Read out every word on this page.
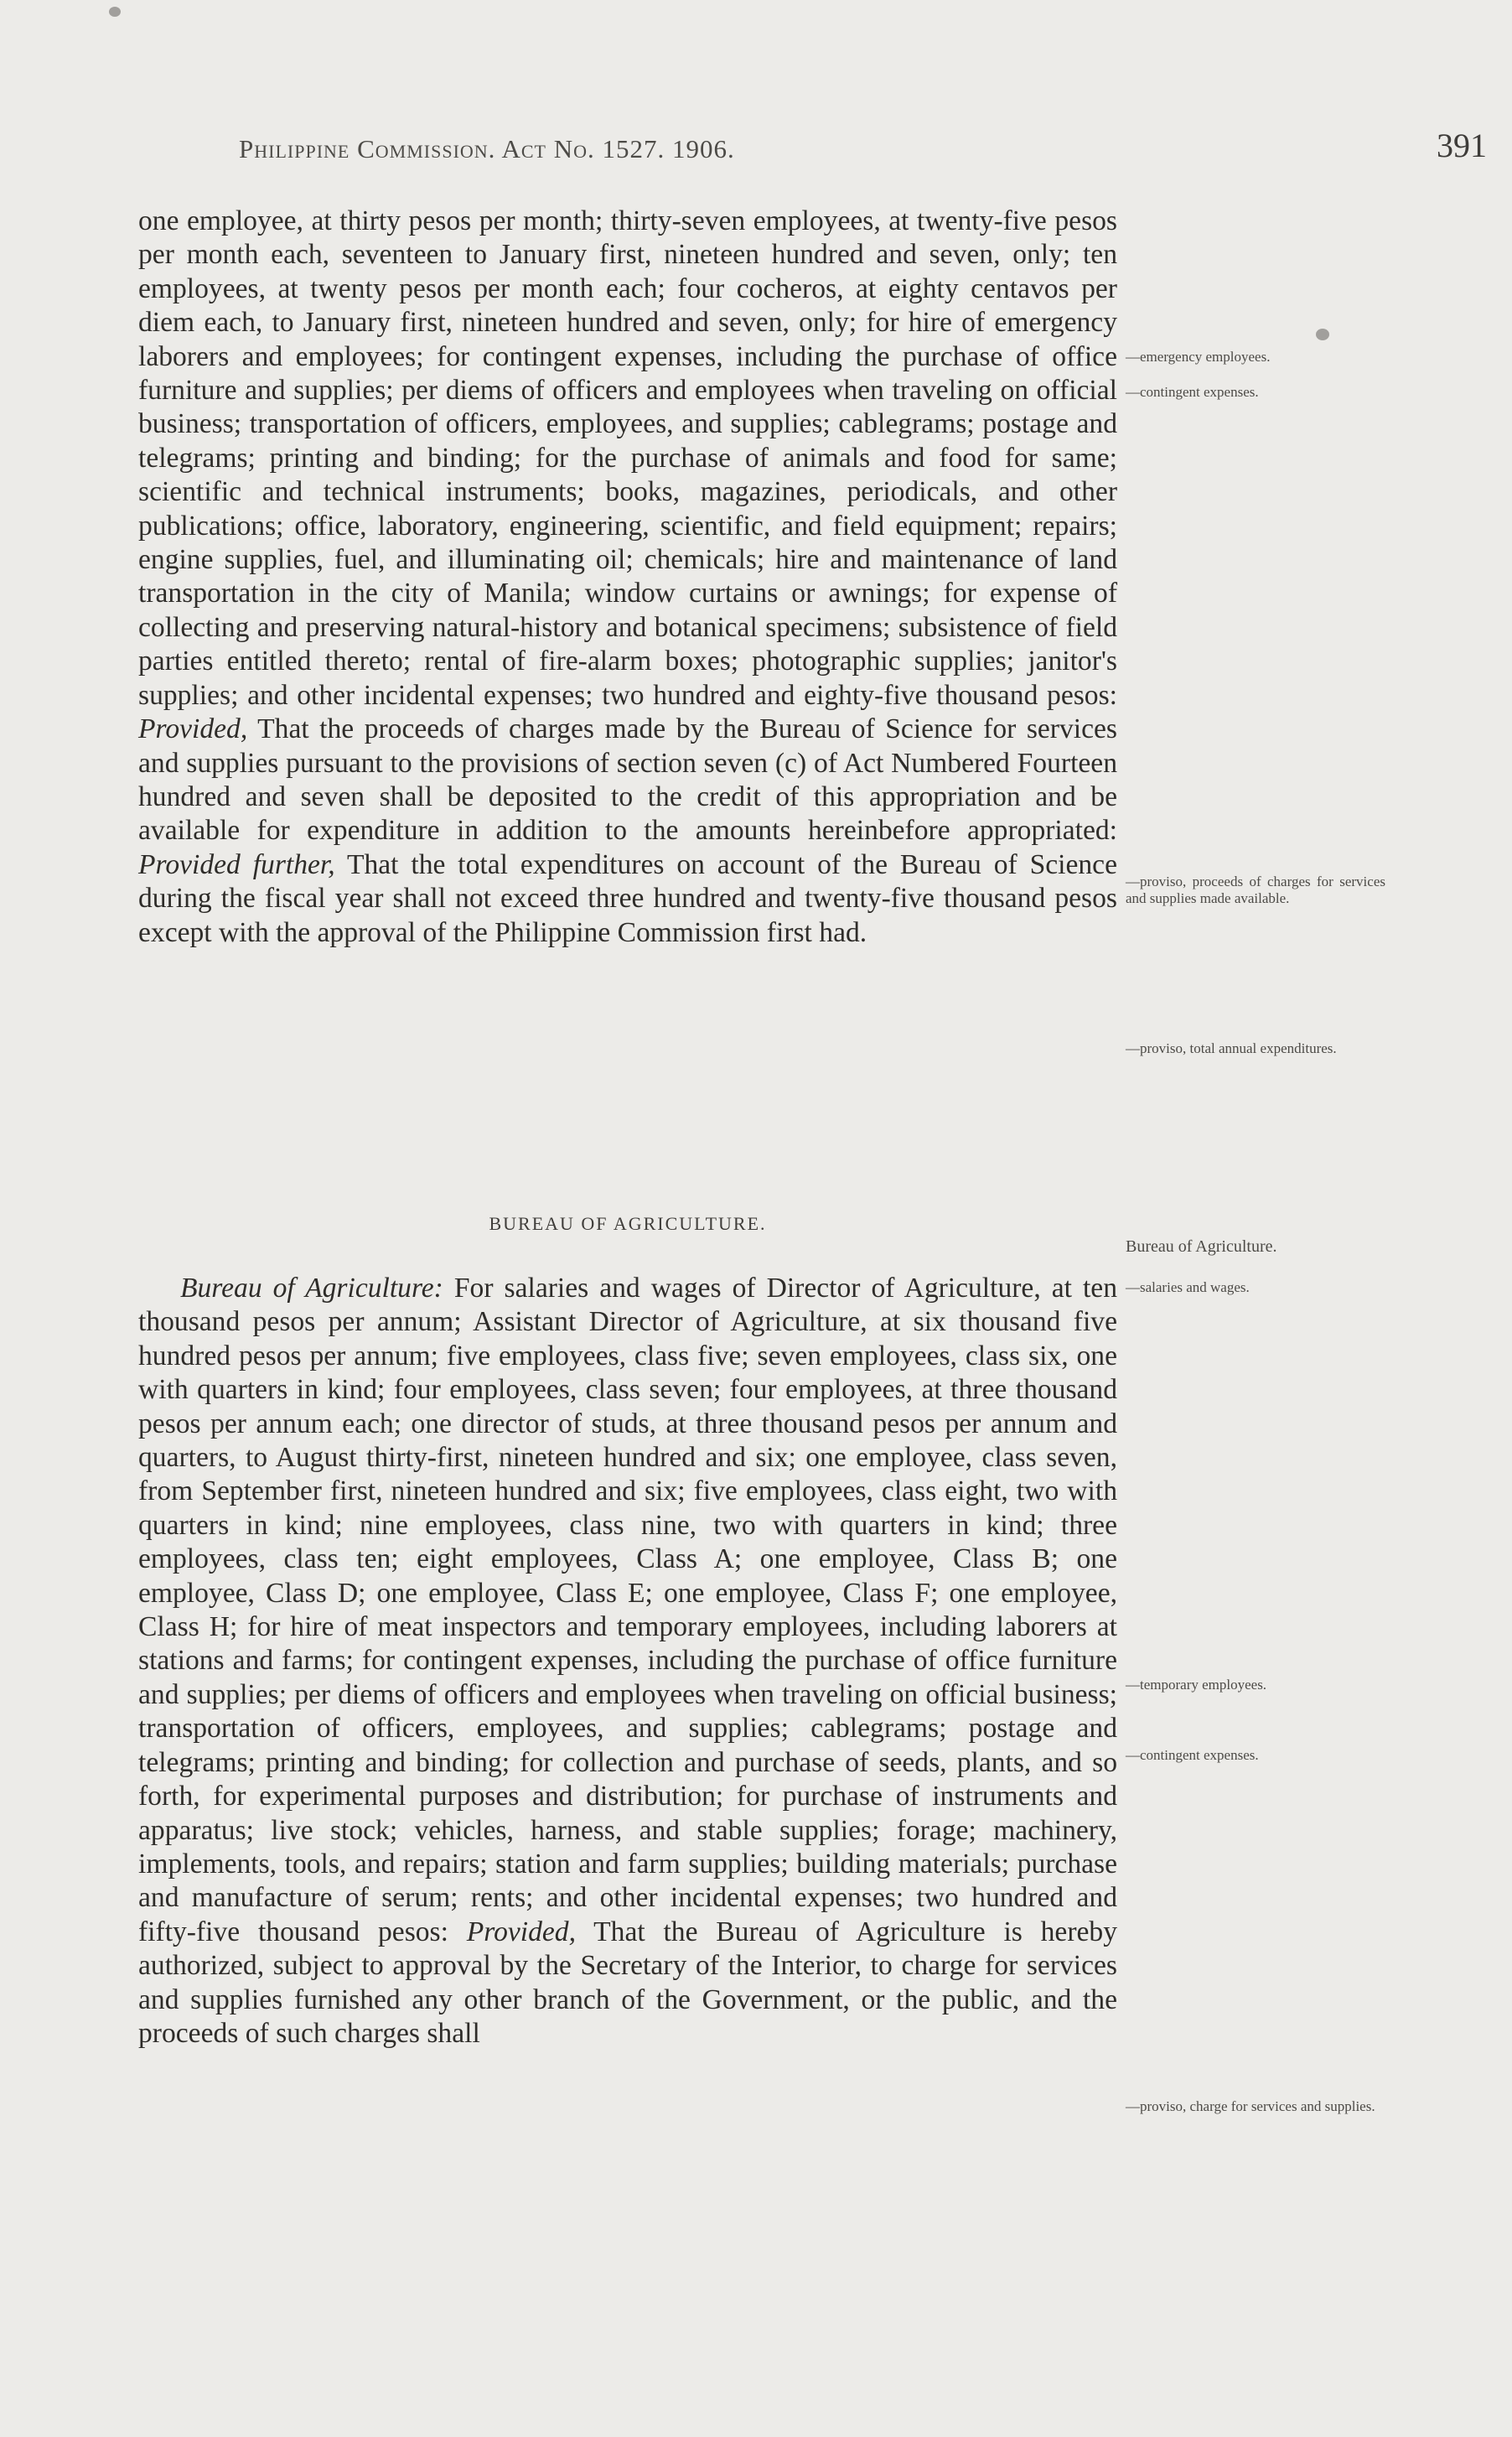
Philippine Commission. Act No. 1527. 1906.	391

one employee, at thirty pesos per month; thirty-seven employees, at twenty-five pesos per month each, seventeen to January first, nineteen hundred and seven, only; ten employees, at twenty pesos per month each; four cocheros, at eighty centavos per diem each, to January first, nineteen hundred and seven, only; for hire of emergency laborers and employees; for contingent expenses, including the purchase of office furniture and supplies; per diems of officers and employees when traveling on official business; transportation of officers, employees, and supplies; cablegrams; postage and telegrams; printing and binding; for the purchase of animals and food for same; scientific and technical instruments; books, magazines, periodicals, and other publications; office, laboratory, engineering, scientific, and field equipment; repairs; engine supplies, fuel, and illuminating oil; chemicals; hire and maintenance of land transportation in the city of Manila; window curtains or awnings; for expense of collecting and preserving natural-history and botanical specimens; subsistence of field parties entitled thereto; rental of fire-alarm boxes; photographic supplies; janitor's supplies; and other incidental expenses; two hundred and eighty-five thousand pesos: Provided, That the proceeds of charges made by the Bureau of Science for services and supplies pursuant to the provisions of section seven (c) of Act Numbered Fourteen hundred and seven shall be deposited to the credit of this appropriation and be available for expenditure in addition to the amounts hereinbefore appropriated: Provided further, That the total expenditures on account of the Bureau of Science during the fiscal year shall not exceed three hundred and twenty-five thousand pesos except with the approval of the Philippine Commission first had.

BUREAU OF AGRICULTURE.

Bureau of Agriculture: For salaries and wages of Director of Agriculture, at ten thousand pesos per annum; Assistant Director of Agriculture, at six thousand five hundred pesos per annum; five employees, class five; seven employees, class six, one with quarters in kind; four employees, class seven; four employees, at three thousand pesos per annum each; one director of studs, at three thousand pesos per annum and quarters, to August thirty-first, nineteen hundred and six; one employee, class seven, from September first, nineteen hundred and six; five employees, class eight, two with quarters in kind; nine employees, class nine, two with quarters in kind; three employees, class ten; eight employees, Class A; one employee, Class B; one employee, Class D; one employee, Class E; one employee, Class F; one employee, Class H; for hire of meat inspectors and temporary employees, including laborers at stations and farms; for contingent expenses, including the purchase of office furniture and supplies; per diems of officers and employees when traveling on official business; transportation of officers, employees, and supplies; cablegrams; postage and telegrams; printing and binding; for collection and purchase of seeds, plants, and so forth, for experimental purposes and distribution; for purchase of instruments and apparatus; live stock; vehicles, harness, and stable supplies; forage; machinery, implements, tools, and repairs; station and farm supplies; building materials; purchase and manufacture of serum; rents; and other incidental expenses; two hundred and fifty-five thousand pesos: Provided, That the Bureau of Agriculture is hereby authorized, subject to approval by the Secretary of the Interior, to charge for services and supplies furnished any other branch of the Government, or the public, and the proceeds of such charges shall

—emergency employees.
—contingent expenses.
—proviso, proceeds of charges for services and supplies made available.
—proviso, total annual expenditures.
Bureau of Agriculture.
—salaries and wages.
—temporary employees.
—contingent expenses.
—proviso, charge for services and supplies.
